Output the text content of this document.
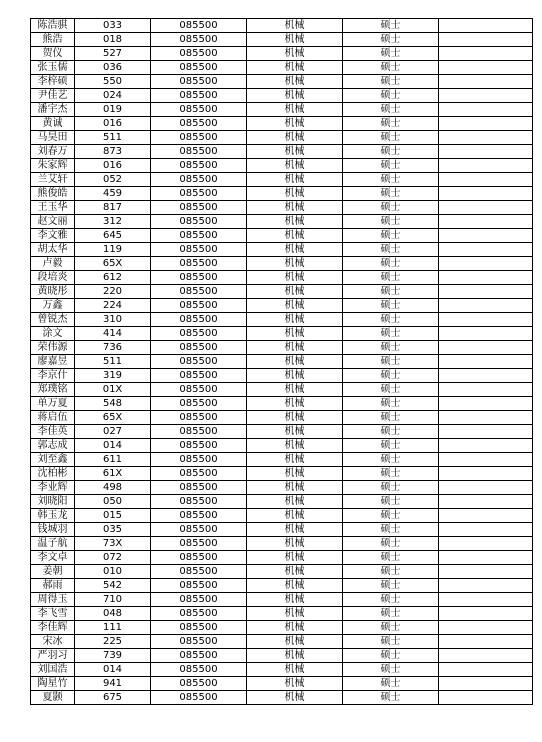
陈浩骐	033	085500	机械	硕士	
熊浩	018	085500	机械	硕士	
贺仪	527	085500	机械	硕士	
张玉儒	036	085500	机械	硕士	
李梓硕	550	085500	机械	硕士	
尹佳艺	024	085500	机械	硕士	
潘宇杰	019	085500	机械	硕士	
黄诚	016	085500	机械	硕士	
马昊田	511	085500	机械	硕士	
刘春万	873	085500	机械	硕士	
朱家辉	016	085500	机械	硕士	
兰艾轩	052	085500	机械	硕士	
熊俊皓	459	085500	机械	硕士	
王玉华	817	085500	机械	硕士	
赵文丽	312	085500	机械	硕士	
李文雅	645	085500	机械	硕士	
胡太华	119	085500	机械	硕士	
卢毅	65X	085500	机械	硕士	
段培炎	612	085500	机械	硕士	
黄晓彤	220	085500	机械	硕士	
万鑫	224	085500	机械	硕士	
曾锐杰	310	085500	机械	硕士	
涂文	414	085500	机械	硕士	
荣伟源	736	085500	机械	硕士	
廖嘉昱	511	085500	机械	硕士	
李京什	319	085500	机械	硕士	
郑璞铭	01X	085500	机械	硕士	
单万夏	548	085500	机械	硕士	
蒋启伍	65X	085500	机械	硕士	
李佳英	027	085500	机械	硕士	
郭志成	014	085500	机械	硕士	
刘至鑫	611	085500	机械	硕士	
沈柏彬	61X	085500	机械	硕士	
李业辉	498	085500	机械	硕士	
刘晓阳	050	085500	机械	硕士	
韩玉龙	015	085500	机械	硕士	
钱城羽	035	085500	机械	硕士	
温子航	73X	085500	机械	硕士	
李文卓	072	085500	机械	硕士	
姜朝	010	085500	机械	硕士	
郝雨	542	085500	机械	硕士	
周得玉	710	085500	机械	硕士	
李飞雪	048	085500	机械	硕士	
李佳辉	111	085500	机械	硕士	
宋冰	225	085500	机械	硕士	
严羽习	739	085500	机械	硕士	
刘国浩	014	085500	机械	硕士	
陶星竹	941	085500	机械	硕士	
夏颢	675	085500	机械	硕士	
